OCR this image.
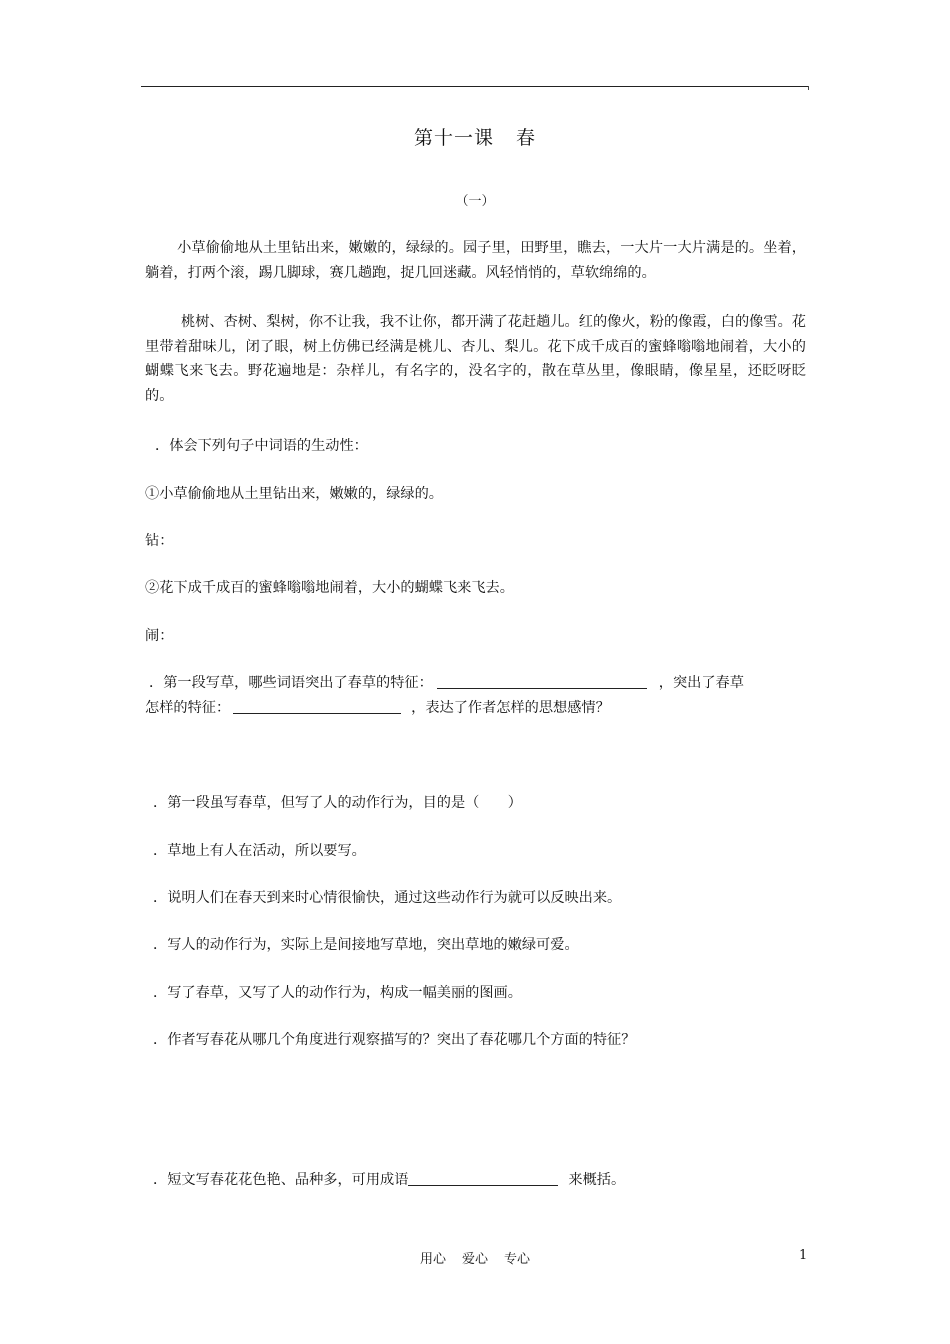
第十一课 春
（一）
小草偷偷地从土里钻出来，嫩嫩的，绿绿的。园子里，田野里，瞧去，一大片一大片满是的。坐着，躺着，打两个滚，踢几脚球，赛几趟跑，捉几回迷藏。风轻悄悄的，草软绵绵的。
桃树、杏树、梨树，你不让我，我不让你，都开满了花赶趟儿。红的像火，粉的像霞，白的像雪。花里带着甜味儿，闭了眼，树上仿佛已经满是桃儿、杏儿、梨儿。花下成千成百的蜜蜂嗡嗡地闹着，大小的蝴蝶飞来飞去。野花遍地是：杂样儿，有名字的，没名字的，散在草丛里，像眼睛，像星星，还眨呀眨的。
．体会下列句子中词语的生动性：
①小草偷偷地从土里钻出来，嫩嫩的，绿绿的。
钻：
②花下成千成百的蜜蜂嗡嗡地闹着，大小的蝴蝶飞来飞去。
闹：
．第一段写草，哪些词语突出了春草的特征：	，突出了春草
怎样的特征：	，表达了作者怎样的思想感情？
．第一段虽写春草，但写了人的动作行为，目的是（　　）
．草地上有人在活动，所以要写。
．说明人们在春天到来时心情很愉快，通过这些动作行为就可以反映出来。
．写人的动作行为，实际上是间接地写草地，突出草地的嫩绿可爱。
．写了春草，又写了人的动作行为，构成一幅美丽的图画。
．作者写春花从哪几个角度进行观察描写的？突出了春花哪几个方面的特征？
．短文写春花花色艳、品种多，可用成语	来概括。
用心 爱心 专心	1
